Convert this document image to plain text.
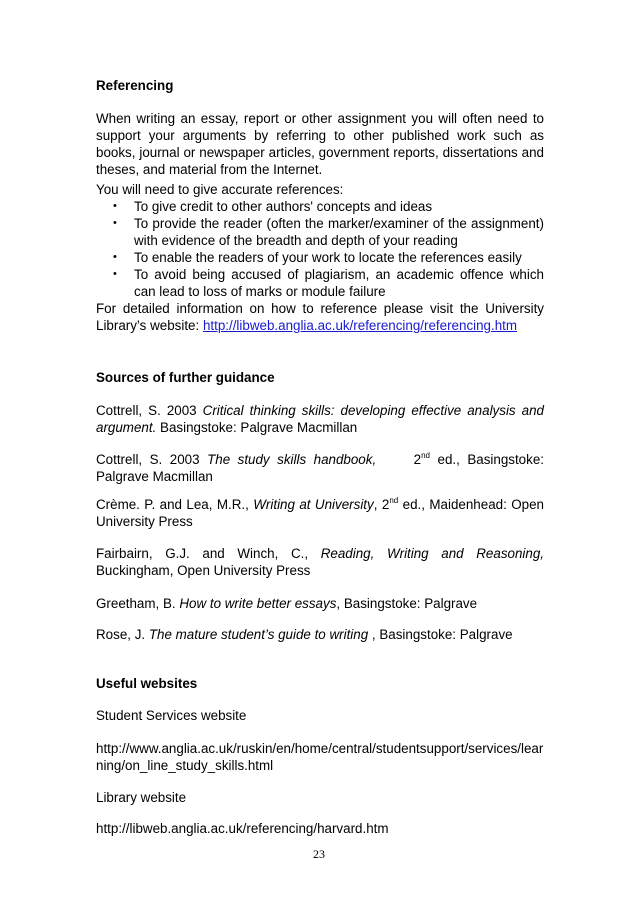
Referencing

When writing an essay, report or other assignment you will often need to support your arguments by referring to other published work such as books, journal or newspaper articles, government reports, dissertations and theses, and material from the Internet.

You will need to give accurate references:

• To give credit to other authors' concepts and ideas
• To provide the reader (often the marker/examiner of the assignment) with evidence of the breadth and depth of your reading
• To enable the readers of your work to locate the references easily
• To avoid being accused of plagiarism, an academic offence which can lead to loss of marks or module failure

For detailed information on how to reference please visit the University Library’s website: http://libweb.anglia.ac.uk/referencing/referencing.htm

Sources of further guidance

Cottrell, S. 2003 Critical thinking skills: developing effective analysis and argument. Basingstoke: Palgrave Macmillan

Cottrell, S. 2003 The study skills handbook,	2nd ed., Basingstoke: Palgrave Macmillan

Crème. P. and Lea, M.R., Writing at University, 2nd ed., Maidenhead: Open University Press

Fairbairn, G.J. and Winch, C., Reading, Writing and Reasoning, Buckingham, Open University Press

Greetham, B. How to write better essays, Basingstoke: Palgrave

Rose, J. The mature student’s guide to writing , Basingstoke: Palgrave

Useful websites

Student Services website

http://www.anglia.ac.uk/ruskin/en/home/central/studentsupport/services/learning/on_line_study_skills.html

Library website

http://libweb.anglia.ac.uk/referencing/harvard.htm

23
